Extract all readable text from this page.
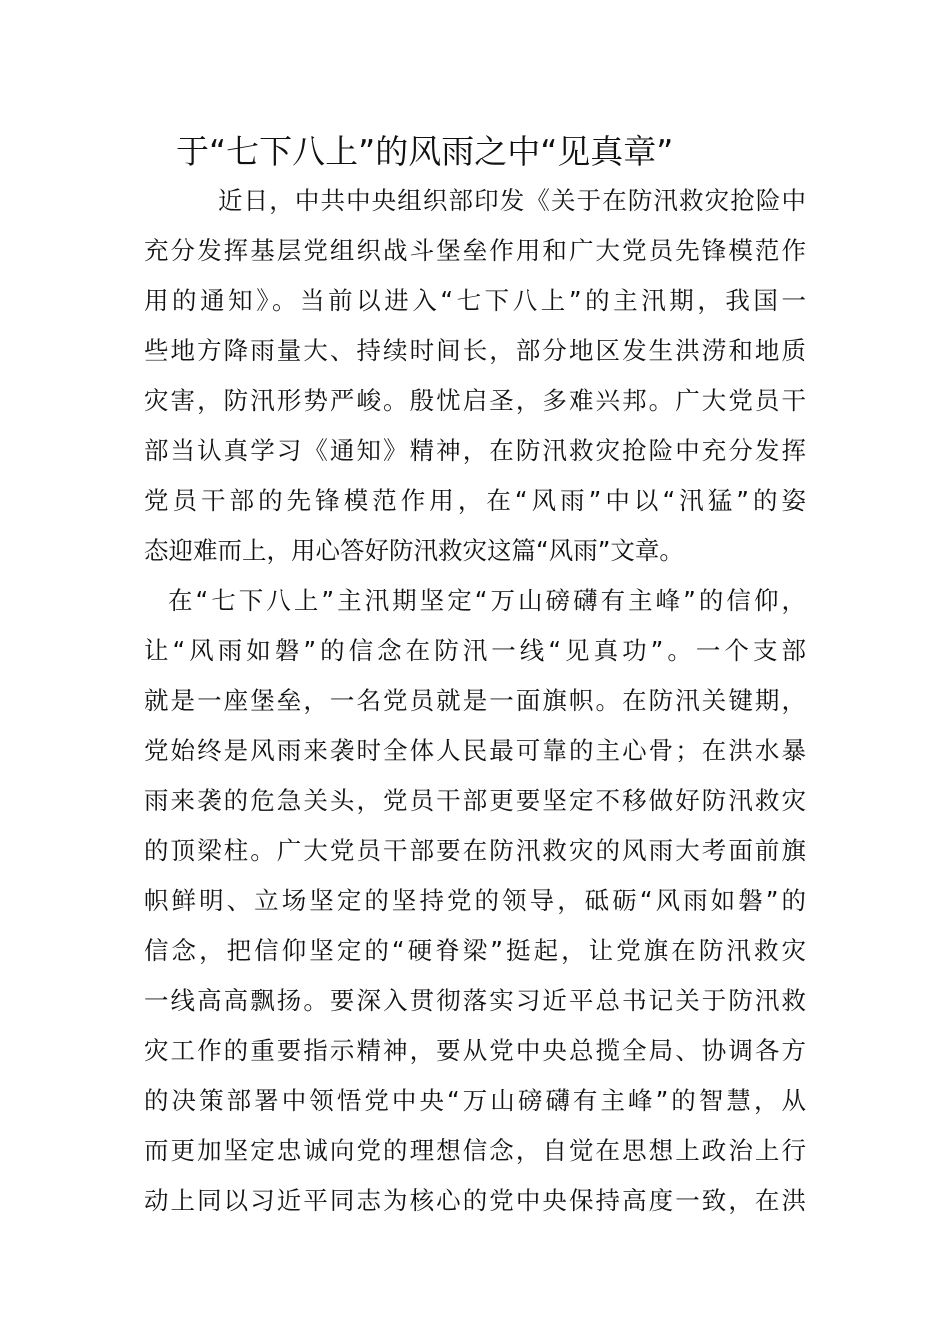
于“七下八上”的风雨之中“见真章”
近日，中共中央组织部印发《关于在防汛救灾抢险中
充分发挥基层党组织战斗堡垒作用和广大党员先锋模范作
用的通知》。当前以进入“七下八上”的主汛期，我国一
些地方降雨量大、持续时间长，部分地区发生洪涝和地质
灾害，防汛形势严峻。殷忧启圣，多难兴邦。广大党员干
部当认真学习《通知》精神，在防汛救灾抢险中充分发挥
党员干部的先锋模范作用，在“风雨”中以“汛猛”的姿
态迎难而上，用心答好防汛救灾这篇“风雨”文章。
在“七下八上”主汛期坚定“万山磅礴有主峰”的信仰，
让“风雨如磐”的信念在防汛一线“见真功”。一个支部
就是一座堡垒，一名党员就是一面旗帜。在防汛关键期，
党始终是风雨来袭时全体人民最可靠的主心骨；在洪水暴
雨来袭的危急关头，党员干部更要坚定不移做好防汛救灾
的顶梁柱。广大党员干部要在防汛救灾的风雨大考面前旗
帜鲜明、立场坚定的坚持党的领导，砥砺“风雨如磐”的
信念，把信仰坚定的“硬脊梁”挺起，让党旗在防汛救灾
一线高高飘扬。要深入贯彻落实习近平总书记关于防汛救
灾工作的重要指示精神，要从党中央总揽全局、协调各方
的决策部署中领悟党中央“万山磅礴有主峰”的智慧，从
而更加坚定忠诚向党的理想信念，自觉在思想上政治上行
动上同以习近平同志为核心的党中央保持高度一致，在洪
